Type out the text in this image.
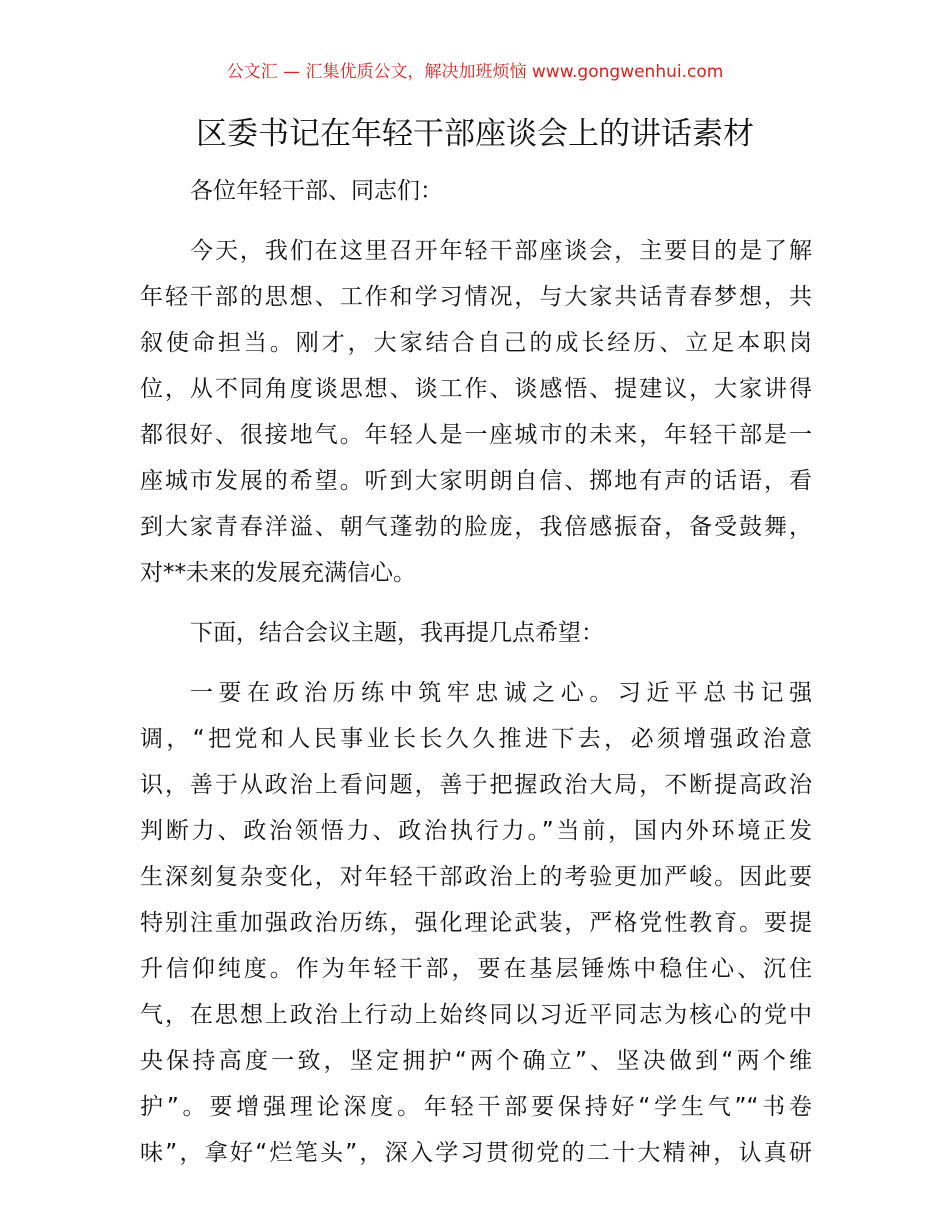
公文汇 — 汇集优质公文，解决加班烦恼 www.gongwenhui.com
区委书记在年轻干部座谈会上的讲话素材
各位年轻干部、同志们：
今天，我们在这里召开年轻干部座谈会，主要目的是了解
年轻干部的思想、工作和学习情况，与大家共话青春梦想，共
叙使命担当。刚才，大家结合自己的成长经历、立足本职岗
位，从不同角度谈思想、谈工作、谈感悟、提建议，大家讲得
都很好、很接地气。年轻人是一座城市的未来，年轻干部是一
座城市发展的希望。听到大家明朗自信、掷地有声的话语，看
到大家青春洋溢、朝气蓬勃的脸庞，我倍感振奋，备受鼓舞，
对**未来的发展充满信心。
下面，结合会议主题，我再提几点希望：
一要在政治历练中筑牢忠诚之心。习近平总书记强
调，“把党和人民事业长长久久推进下去，必须增强政治意
识，善于从政治上看问题，善于把握政治大局，不断提高政治
判断力、政治领悟力、政治执行力。”当前，国内外环境正发
生深刻复杂变化，对年轻干部政治上的考验更加严峻。因此要
特别注重加强政治历练，强化理论武装，严格党性教育。要提
升信仰纯度。作为年轻干部，要在基层锤炼中稳住心、沉住
气，在思想上政治上行动上始终同以习近平同志为核心的党中
央保持高度一致，坚定拥护“两个确立”、坚决做到“两个维
护”。要增强理论深度。年轻干部要保持好“学生气”“书卷
味”，拿好“烂笔头”，深入学习贯彻党的二十大精神，认真研
